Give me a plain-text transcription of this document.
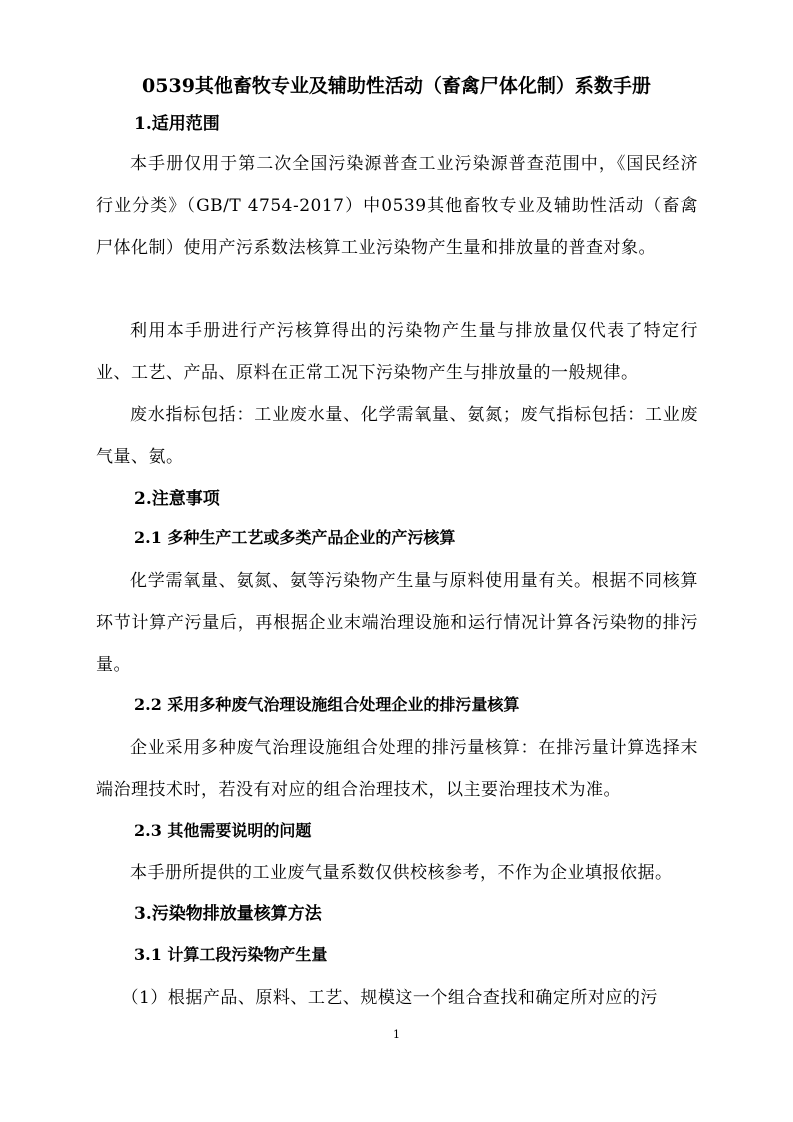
0539其他畜牧专业及辅助性活动（畜禽尸体化制）系数手册
1.适用范围
本手册仅用于第二次全国污染源普查工业污染源普查范围中，《国民经济行业分类》（GB/T 4754-2017）中0539其他畜牧专业及辅助性活动（畜禽尸体化制）使用产污系数法核算工业污染物产生量和排放量的普查对象。
利用本手册进行产污核算得出的污染物产生量与排放量仅代表了特定行业、工艺、产品、原料在正常工况下污染物产生与排放量的一般规律。
废水指标包括：工业废水量、化学需氧量、氨氮；废气指标包括：工业废气量、氨。
2.注意事项
2.1 多种生产工艺或多类产品企业的产污核算
化学需氧量、氨氮、氨等污染物产生量与原料使用量有关。根据不同核算环节计算产污量后，再根据企业末端治理设施和运行情况计算各污染物的排污量。
2.2 采用多种废气治理设施组合处理企业的排污量核算
企业采用多种废气治理设施组合处理的排污量核算：在排污量计算选择末端治理技术时，若没有对应的组合治理技术，以主要治理技术为准。
2.3 其他需要说明的问题
本手册所提供的工业废气量系数仅供校核参考，不作为企业填报依据。
3.污染物排放量核算方法
3.1 计算工段污染物产生量
（1）根据产品、原料、工艺、规模这一个组合查找和确定所对应的污
1
